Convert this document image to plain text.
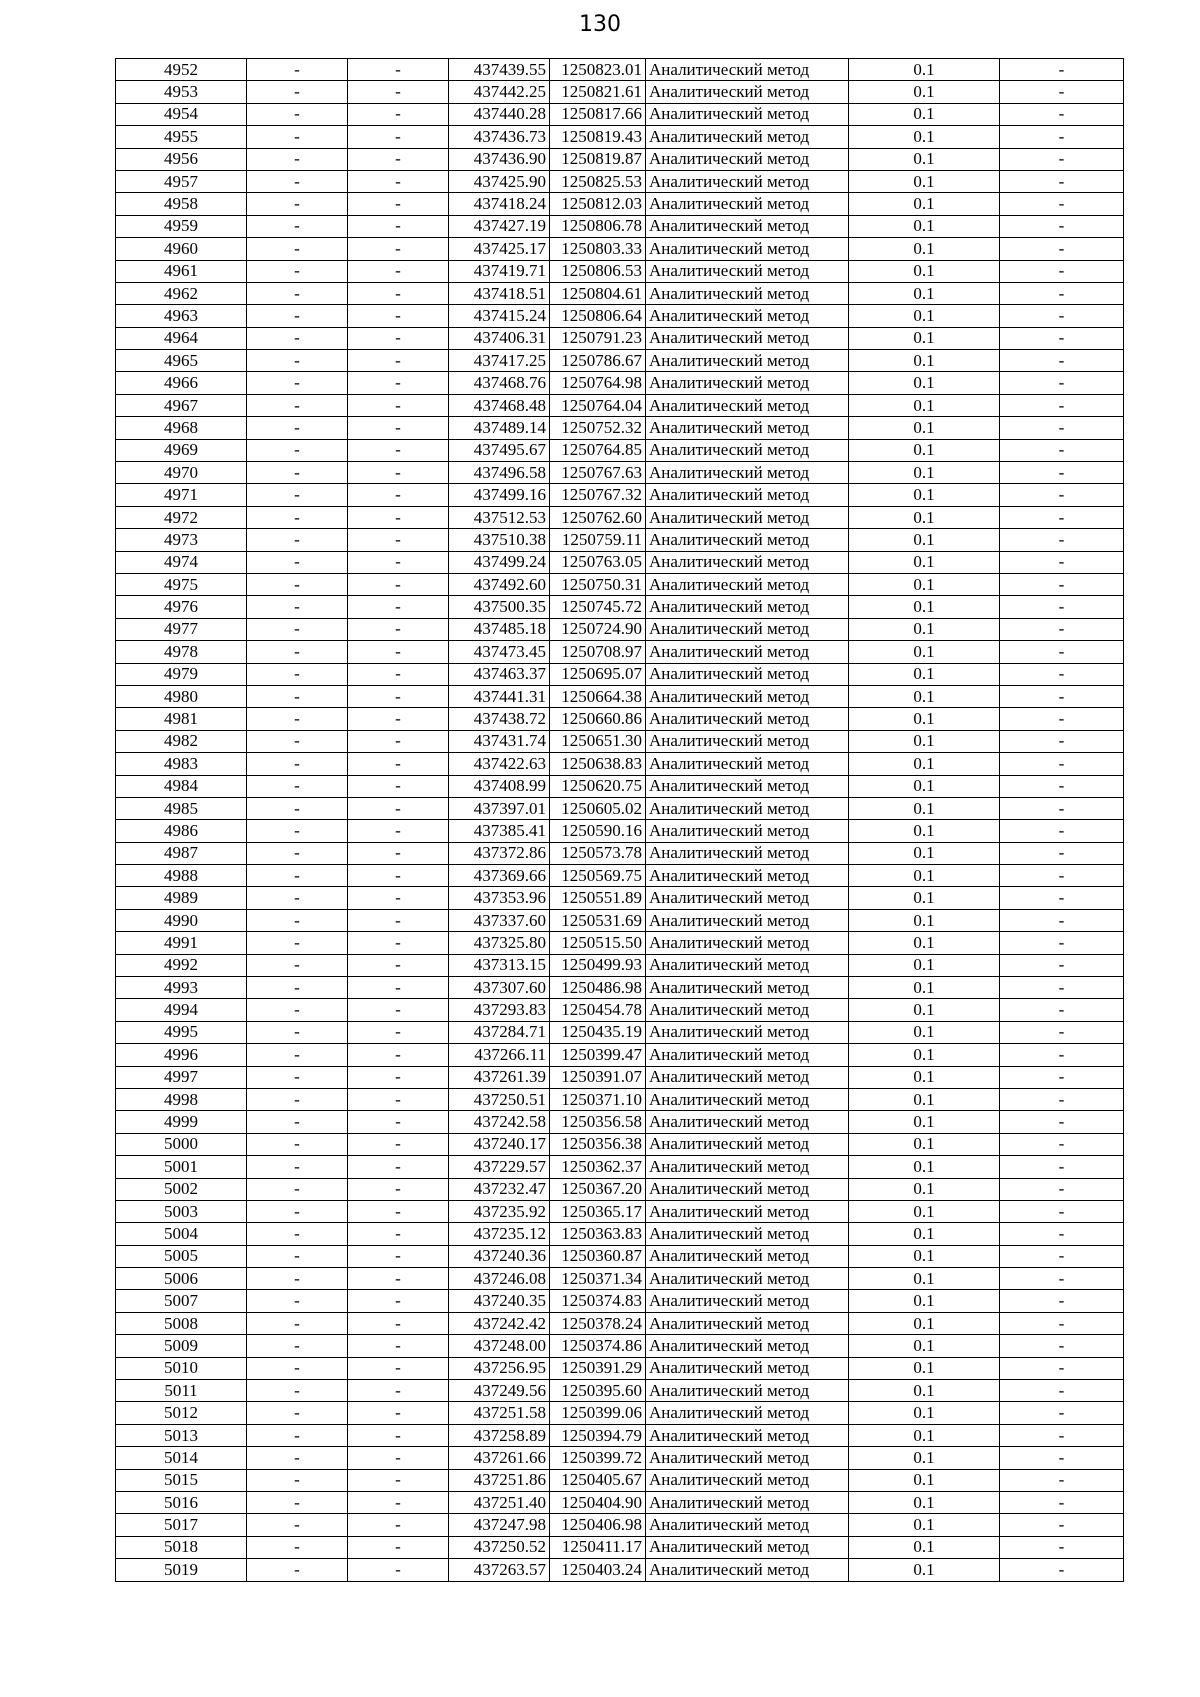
130
4952	-	-	437439.55	1250823.01	Аналитический метод	0.1	-
4953	-	-	437442.25	1250821.61	Аналитический метод	0.1	-
4954	-	-	437440.28	1250817.66	Аналитический метод	0.1	-
4955	-	-	437436.73	1250819.43	Аналитический метод	0.1	-
4956	-	-	437436.90	1250819.87	Аналитический метод	0.1	-
4957	-	-	437425.90	1250825.53	Аналитический метод	0.1	-
4958	-	-	437418.24	1250812.03	Аналитический метод	0.1	-
4959	-	-	437427.19	1250806.78	Аналитический метод	0.1	-
4960	-	-	437425.17	1250803.33	Аналитический метод	0.1	-
4961	-	-	437419.71	1250806.53	Аналитический метод	0.1	-
4962	-	-	437418.51	1250804.61	Аналитический метод	0.1	-
4963	-	-	437415.24	1250806.64	Аналитический метод	0.1	-
4964	-	-	437406.31	1250791.23	Аналитический метод	0.1	-
4965	-	-	437417.25	1250786.67	Аналитический метод	0.1	-
4966	-	-	437468.76	1250764.98	Аналитический метод	0.1	-
4967	-	-	437468.48	1250764.04	Аналитический метод	0.1	-
4968	-	-	437489.14	1250752.32	Аналитический метод	0.1	-
4969	-	-	437495.67	1250764.85	Аналитический метод	0.1	-
4970	-	-	437496.58	1250767.63	Аналитический метод	0.1	-
4971	-	-	437499.16	1250767.32	Аналитический метод	0.1	-
4972	-	-	437512.53	1250762.60	Аналитический метод	0.1	-
4973	-	-	437510.38	1250759.11	Аналитический метод	0.1	-
4974	-	-	437499.24	1250763.05	Аналитический метод	0.1	-
4975	-	-	437492.60	1250750.31	Аналитический метод	0.1	-
4976	-	-	437500.35	1250745.72	Аналитический метод	0.1	-
4977	-	-	437485.18	1250724.90	Аналитический метод	0.1	-
4978	-	-	437473.45	1250708.97	Аналитический метод	0.1	-
4979	-	-	437463.37	1250695.07	Аналитический метод	0.1	-
4980	-	-	437441.31	1250664.38	Аналитический метод	0.1	-
4981	-	-	437438.72	1250660.86	Аналитический метод	0.1	-
4982	-	-	437431.74	1250651.30	Аналитический метод	0.1	-
4983	-	-	437422.63	1250638.83	Аналитический метод	0.1	-
4984	-	-	437408.99	1250620.75	Аналитический метод	0.1	-
4985	-	-	437397.01	1250605.02	Аналитический метод	0.1	-
4986	-	-	437385.41	1250590.16	Аналитический метод	0.1	-
4987	-	-	437372.86	1250573.78	Аналитический метод	0.1	-
4988	-	-	437369.66	1250569.75	Аналитический метод	0.1	-
4989	-	-	437353.96	1250551.89	Аналитический метод	0.1	-
4990	-	-	437337.60	1250531.69	Аналитический метод	0.1	-
4991	-	-	437325.80	1250515.50	Аналитический метод	0.1	-
4992	-	-	437313.15	1250499.93	Аналитический метод	0.1	-
4993	-	-	437307.60	1250486.98	Аналитический метод	0.1	-
4994	-	-	437293.83	1250454.78	Аналитический метод	0.1	-
4995	-	-	437284.71	1250435.19	Аналитический метод	0.1	-
4996	-	-	437266.11	1250399.47	Аналитический метод	0.1	-
4997	-	-	437261.39	1250391.07	Аналитический метод	0.1	-
4998	-	-	437250.51	1250371.10	Аналитический метод	0.1	-
4999	-	-	437242.58	1250356.58	Аналитический метод	0.1	-
5000	-	-	437240.17	1250356.38	Аналитический метод	0.1	-
5001	-	-	437229.57	1250362.37	Аналитический метод	0.1	-
5002	-	-	437232.47	1250367.20	Аналитический метод	0.1	-
5003	-	-	437235.92	1250365.17	Аналитический метод	0.1	-
5004	-	-	437235.12	1250363.83	Аналитический метод	0.1	-
5005	-	-	437240.36	1250360.87	Аналитический метод	0.1	-
5006	-	-	437246.08	1250371.34	Аналитический метод	0.1	-
5007	-	-	437240.35	1250374.83	Аналитический метод	0.1	-
5008	-	-	437242.42	1250378.24	Аналитический метод	0.1	-
5009	-	-	437248.00	1250374.86	Аналитический метод	0.1	-
5010	-	-	437256.95	1250391.29	Аналитический метод	0.1	-
5011	-	-	437249.56	1250395.60	Аналитический метод	0.1	-
5012	-	-	437251.58	1250399.06	Аналитический метод	0.1	-
5013	-	-	437258.89	1250394.79	Аналитический метод	0.1	-
5014	-	-	437261.66	1250399.72	Аналитический метод	0.1	-
5015	-	-	437251.86	1250405.67	Аналитический метод	0.1	-
5016	-	-	437251.40	1250404.90	Аналитический метод	0.1	-
5017	-	-	437247.98	1250406.98	Аналитический метод	0.1	-
5018	-	-	437250.52	1250411.17	Аналитический метод	0.1	-
5019	-	-	437263.57	1250403.24	Аналитический метод	0.1	-
